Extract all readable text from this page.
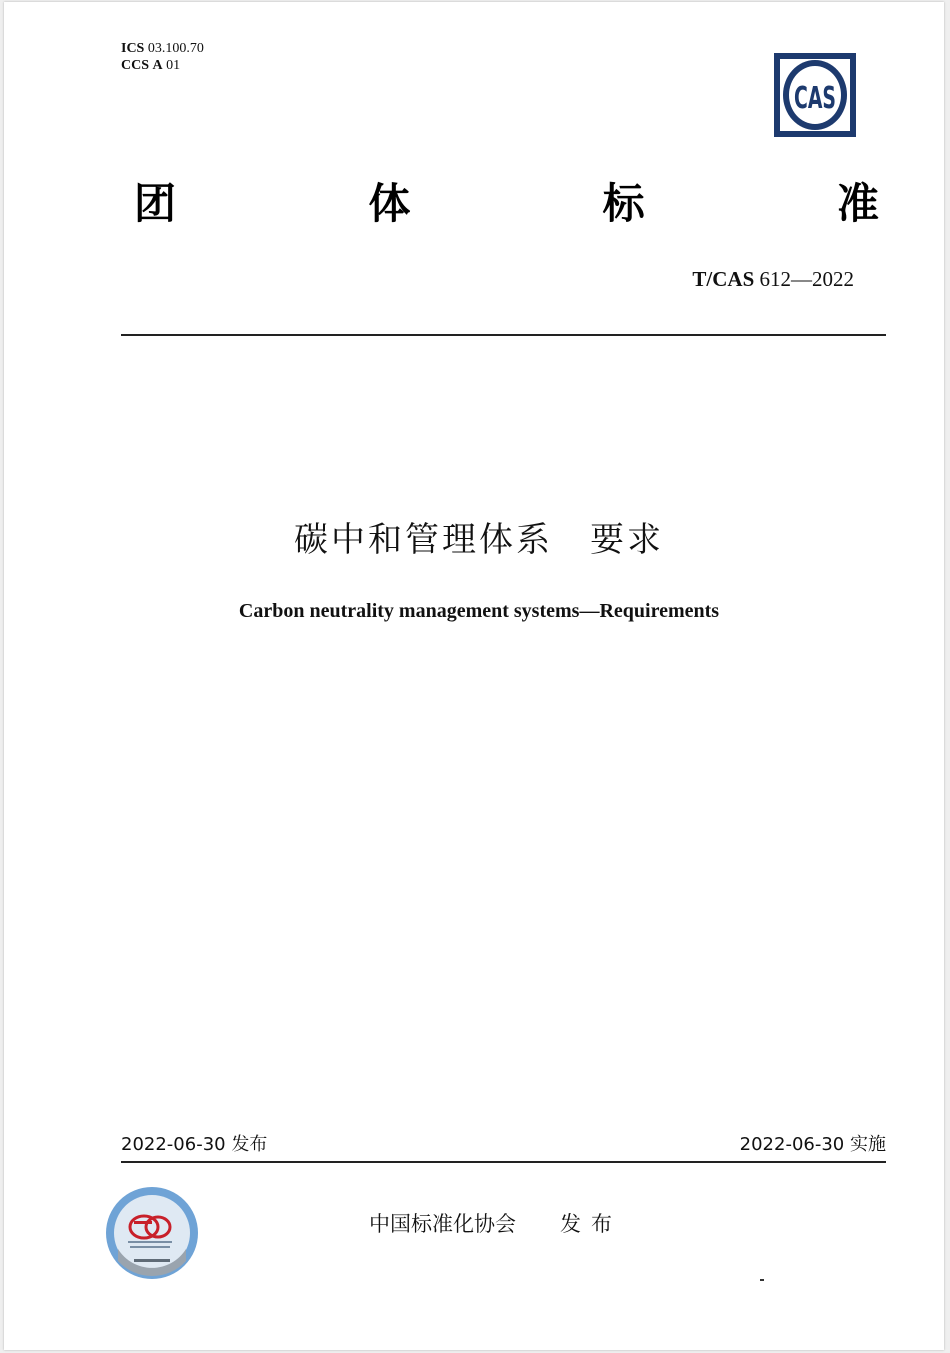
ICS 03.100.70
CCS A 01
CAS
团	体	标	准
T/CAS 612—2022
碳中和管理体系　要求
Carbon neutrality management systems—Requirements
2022-06-30 发布	2022-06-30 实施
中国标准化协会 发布
